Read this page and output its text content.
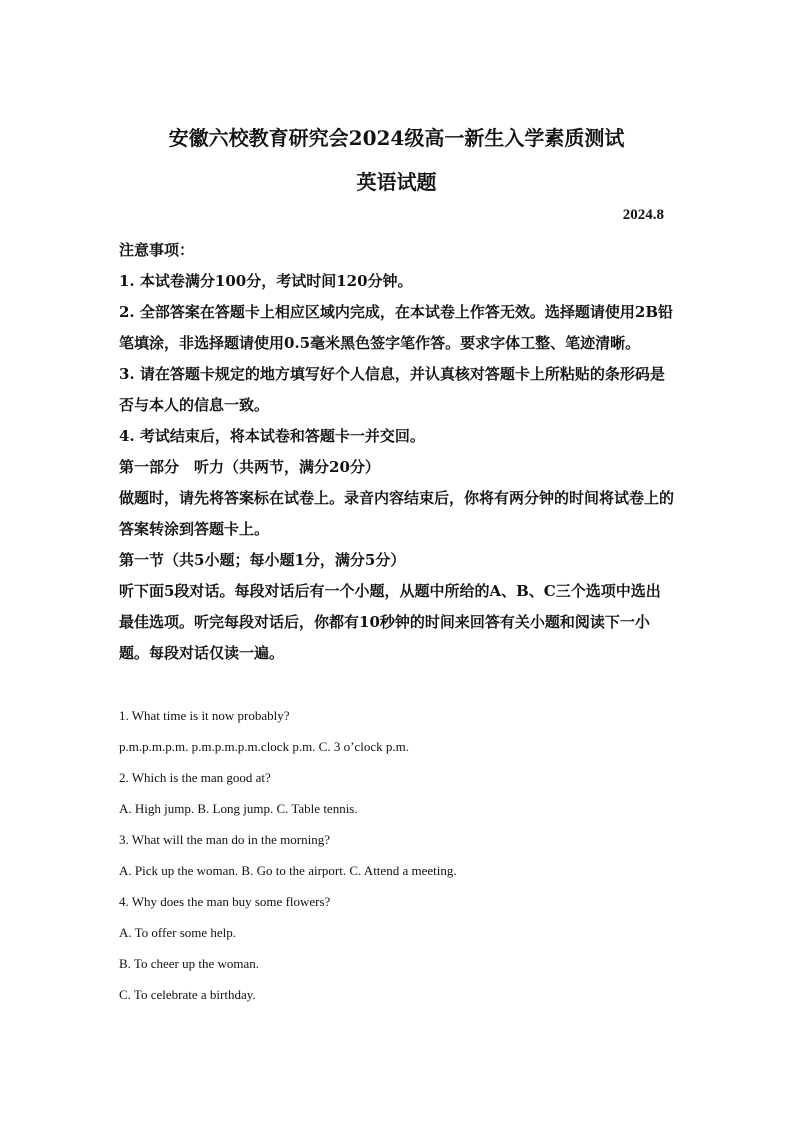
安徽六校教育研究会2024级高一新生入学素质测试
英语试题
2024.8

注意事项：

1. 本试卷满分100分，考试时间120分钟。

2. 全部答案在答题卡上相应区域内完成，在本试卷上作答无效。选择题请使用2B铅笔填涂，非选择题请使用0.5毫米黑色签字笔作答。要求字体工整、笔迹清晰。

3. 请在答题卡规定的地方填写好个人信息，并认真核对答题卡上所粘贴的条形码是否与本人的信息一致。

4. 考试结束后，将本试卷和答题卡一并交回。

第一部分　听力（共两节，满分20分）

做题时，请先将答案标在试卷上。录音内容结束后，你将有两分钟的时间将试卷上的答案转涂到答题卡上。

第一节（共5小题；每小题1分，满分5分）

听下面5段对话。每段对话后有一个小题，从题中所给的A、B、C三个选项中选出最佳选项。听完每段对话后，你都有10秒钟的时间来回答有关小题和阅读下一小题。每段对话仅读一遍。

1. What time is it now probably?

p.m.p.m.p.m. p.m.p.m.p.m.clock p.m. C. 3 o’clock p.m.

2. Which is the man good at?

A. High jump. B. Long jump. C. Table tennis.

3. What will the man do in the morning?

A. Pick up the woman. B. Go to the airport. C. Attend a meeting.

4. Why does the man buy some flowers?

A. To offer some help.

B. To cheer up the woman.

C. To celebrate a birthday.
